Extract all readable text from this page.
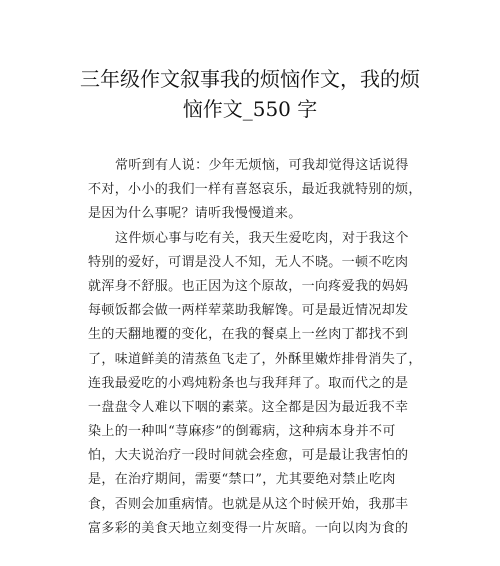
三年级作文叙事我的烦恼作文，我的烦
恼作文_550 字
常听到有人说：少年无烦恼，可我却觉得这话说得
不对，小小的我们一样有喜怒哀乐，最近我就特别的烦，
是因为什么事呢？请听我慢慢道来。
这件烦心事与吃有关，我天生爱吃肉，对于我这个
特别的爱好，可谓是没人不知，无人不晓。一顿不吃肉
就浑身不舒服。也正因为这个原故，一向疼爱我的妈妈
每顿饭都会做一两样荤菜助我解馋。可是最近情况却发
生的天翻地覆的变化，在我的餐桌上一丝肉丁都找不到
了，味道鲜美的清蒸鱼飞走了，外酥里嫩炸排骨消失了，
连我最爱吃的小鸡炖粉条也与我拜拜了。取而代之的是
一盘盘令人难以下咽的素菜。这全都是因为最近我不幸
染上的一种叫“荨麻疹”的倒霉病，这种病本身并不可
怕，大夫说治疗一段时间就会痊愈，可是最让我害怕的
是，在治疗期间，需要“禁口”，尤其要绝对禁止吃肉
食，否则会加重病情。也就是从这个时候开始，我那丰
富多彩的美食天地立刻变得一片灰暗。一向以肉为食的
